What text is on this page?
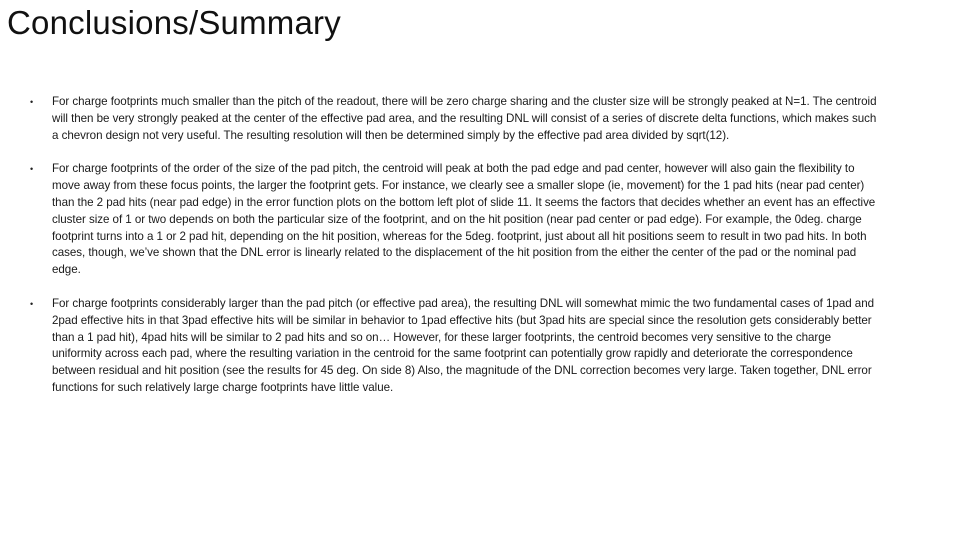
Conclusions/Summary
•	For charge footprints much smaller than the pitch of the readout, there will be zero charge sharing and the cluster size will be strongly peaked at N=1. The centroid will then be very strongly peaked at the center of the effective pad area, and the resulting DNL will consist of a series of discrete delta functions, which makes such a chevron design not very useful. The resulting resolution will then be determined simply by the effective pad area divided by sqrt(12).
•	For charge footprints of the order of the size of the pad pitch, the centroid will peak at both the pad edge and pad center, however will also gain the flexibility to move away from these focus points, the larger the footprint gets. For instance, we clearly see a smaller slope (ie, movement) for the 1 pad hits (near pad center) than the 2 pad hits (near pad edge) in the error function plots on the bottom left plot of slide 11. It seems the factors that decides whether an event has an effective cluster size of 1 or two depends on both the particular size of the footprint, and on the hit position (near pad center or pad edge). For example, the 0deg. charge footprint turns into a 1 or 2 pad hit, depending on the hit position, whereas for the 5deg. footprint, just about all hit positions seem to result in two pad hits. In both cases, though, we’ve shown that the DNL error is linearly related to the displacement of the hit position from the either the center of the pad or the nominal pad edge.
•	For charge footprints considerably larger than the pad pitch (or effective pad area), the resulting DNL will somewhat mimic the two fundamental cases of 1pad and 2pad effective hits in that 3pad effective hits will be similar in behavior to 1pad effective hits (but 3pad hits are special since the resolution gets considerably better than a 1 pad hit), 4pad hits will be similar to 2 pad hits and so on… However, for these larger footprints, the centroid becomes very sensitive to the charge uniformity across each pad, where the resulting variation in the centroid for the same footprint can potentially grow rapidly and deteriorate the correspondence between residual and hit position (see the results for 45 deg. On side 8) Also, the magnitude of the DNL correction becomes very large. Taken together, DNL error functions for such relatively large charge footprints have little value.
